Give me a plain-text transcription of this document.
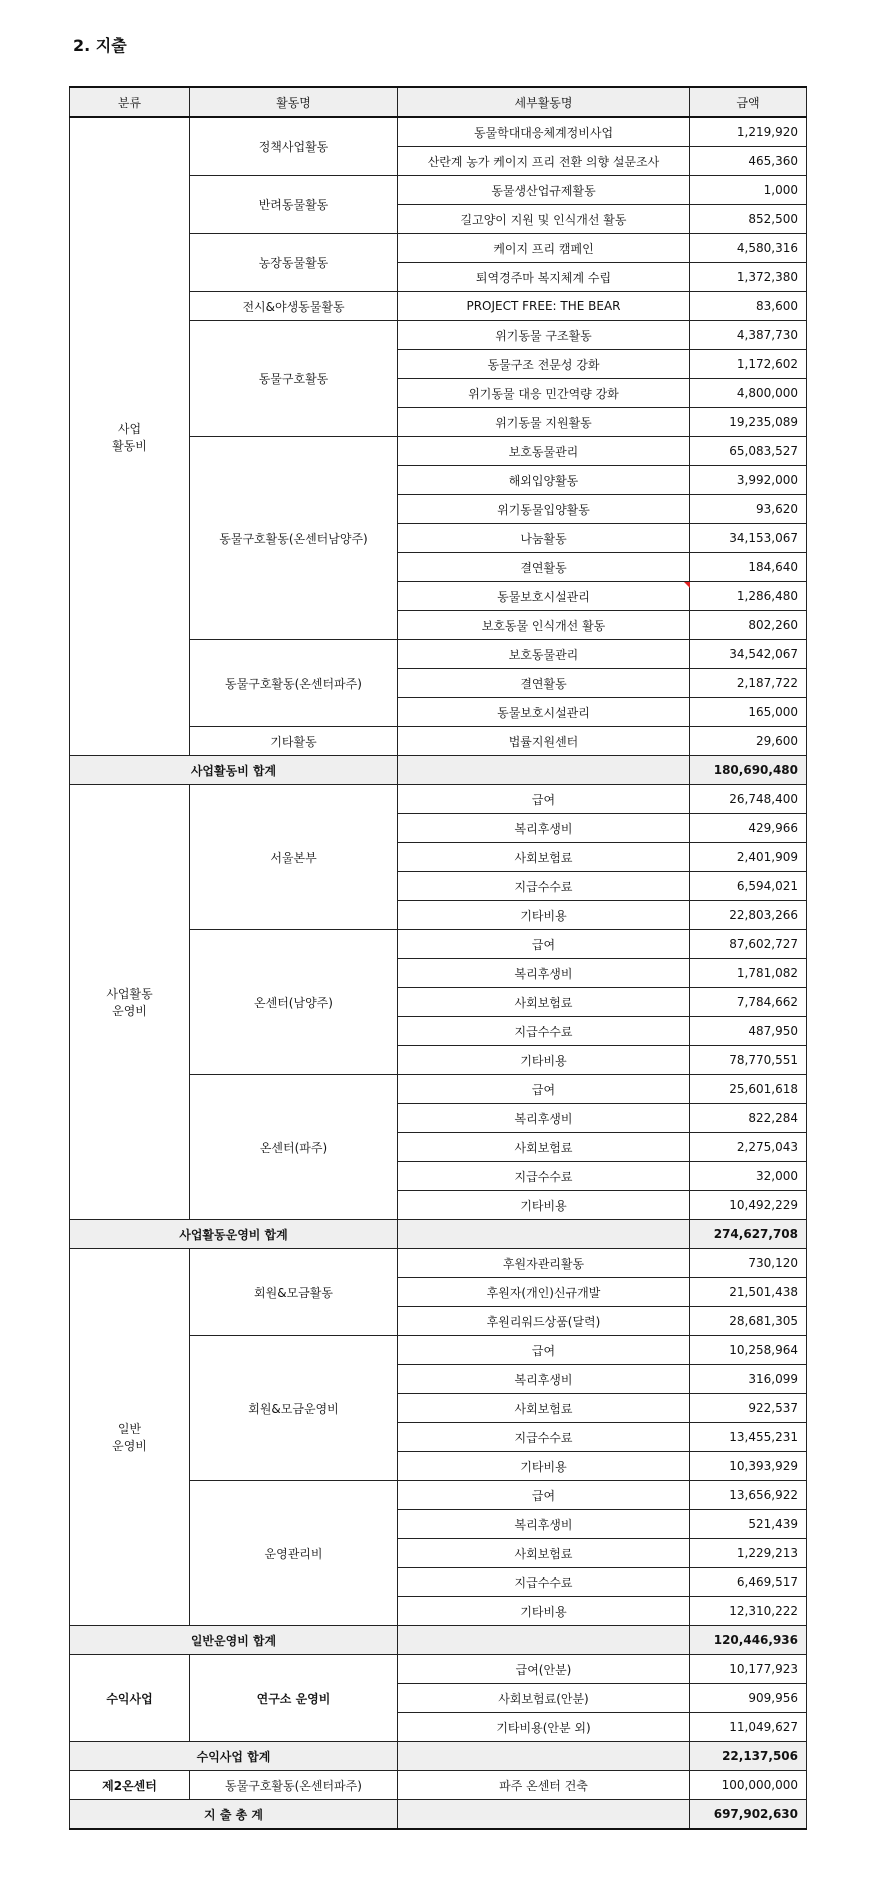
2. 지출
분류	활동명	세부활동명	금액
사업
활동비	정책사업활동	동물학대대응체계정비사업	1,219,920
		산란계 농가 케이지 프리 전환 의향 설문조사	465,360
	반려동물활동	동물생산업규제활동	1,000
		길고양이 지원 및 인식개선 활동	852,500
	농장동물활동	케이지 프리 캠페인	4,580,316
		퇴역경주마 복지체계 수립	1,372,380
	전시&야생동물활동	PROJECT FREE: THE BEAR	83,600
	동물구호활동	위기동물 구조활동	4,387,730
		동물구조 전문성 강화	1,172,602
		위기동물 대응 민간역량 강화	4,800,000
		위기동물 지원활동	19,235,089
	동물구호활동(온센터남양주)	보호동물관리	65,083,527
		해외입양활동	3,992,000
		위기동물입양활동	93,620
		나눔활동	34,153,067
		결연활동	184,640
		동물보호시설관리	1,286,480
		보호동물 인식개선 활동	802,260
	동물구호활동(온센터파주)	보호동물관리	34,542,067
		결연활동	2,187,722
		동물보호시설관리	165,000
	기타활동	법률지원센터	29,600
사업활동비 합계			180,690,480
사업활동
운영비	서울본부	급여	26,748,400
		복리후생비	429,966
		사회보험료	2,401,909
		지급수수료	6,594,021
		기타비용	22,803,266
	온센터(남양주)	급여	87,602,727
		복리후생비	1,781,082
		사회보험료	7,784,662
		지급수수료	487,950
		기타비용	78,770,551
	온센터(파주)	급여	25,601,618
		복리후생비	822,284
		사회보험료	2,275,043
		지급수수료	32,000
		기타비용	10,492,229
사업활동운영비 합계			274,627,708
일반
운영비	회원&모금활동	후원자관리활동	730,120
		후원자(개인)신규개발	21,501,438
		후원리워드상품(달력)	28,681,305
	회원&모금운영비	급여	10,258,964
		복리후생비	316,099
		사회보험료	922,537
		지급수수료	13,455,231
		기타비용	10,393,929
	운영관리비	급여	13,656,922
		복리후생비	521,439
		사회보험료	1,229,213
		지급수수료	6,469,517
		기타비용	12,310,222
일반운영비 합계			120,446,936
수익사업	연구소 운영비	급여(안분)	10,177,923
		사회보험료(안분)	909,956
		기타비용(안분 외)	11,049,627
수익사업 합계			22,137,506
제2온센터	동물구호활동(온센터파주)	파주 온센터 건축	100,000,000
지 출 총 계			697,902,630
